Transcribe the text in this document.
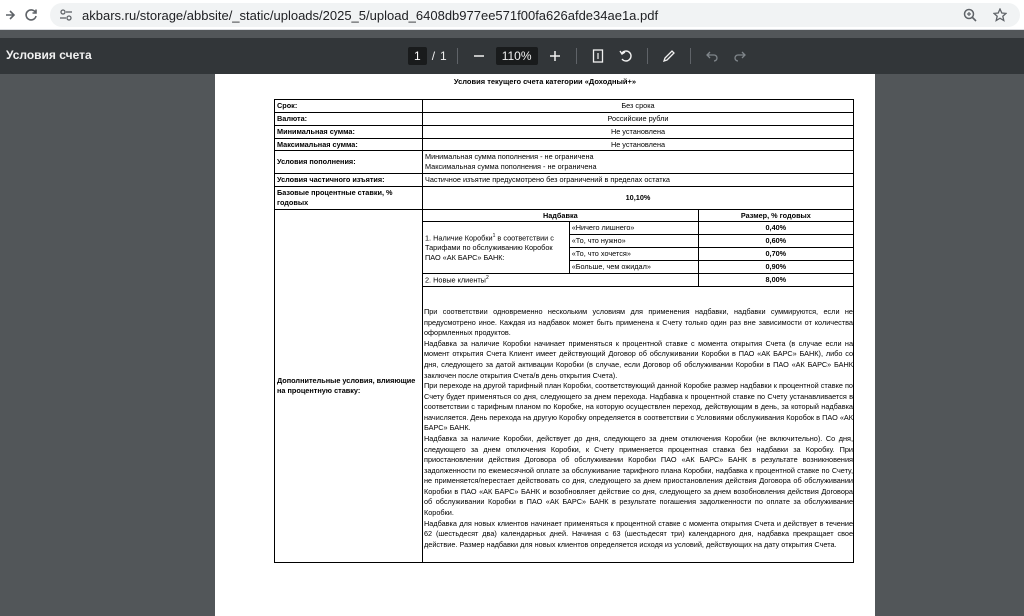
akbars.ru/storage/abbsite/_static/uploads/2025_5/upload_6408db977ee571f00fa626afde34ae1a.pdf
Условия счета	1 / 1	110%
Условия текущего счета категории «Доходный+»
Срок:	Без срока
Валюта:	Российские рубли
Минимальная сумма:	Не установлена
Максимальная сумма:	Не установлена
Условия пополнения:	
Минимальная сумма пополнения - не ограничена
Максимальная сумма пополнения - не ограничена

Условия частичного изъятия:	Частичное изъятие предусмотрено без ограничений в пределах остатка
Базовые процентные ставки, % годовых	10,10%
Дополнительные условия, влияющие на процентную ставку:	
Надбавка	Размер, % годовых
1. Наличие Коробки$^1$ в соответствии с Тарифами по обслуживанию Коробок ПАО «АК БАРС» БАНК:	«Ничего лишнего»	0,40%
«То, что нужно»	0,60%
«То, что хочется»	0,70%
«Больше, чем ожидал»	0,90%
2. Новые клиенты$^2$	8,00%

При соответствии одновременно нескольким условиям для применения надбавки, надбавки суммируются, если не предусмотрено иное. Каждая из надбавок может быть применена к Счету только один раз вне зависимости от количества оформленных продуктов.

Надбавка за наличие Коробки начинает применяться к процентной ставке с момента открытия Счета (в случае если на момент открытия Счета Клиент имеет действующий Договор об обслуживании Коробки в ПАО «АК БАРС» БАНК), либо со дня, следующего за датой активации Коробки (в случае, если Договор об обслуживании Коробки в ПАО «АК БАРС» БАНК заключен после открытия Счета/в день открытия Счета).

При переходе на другой тарифный план Коробки, соответствующий данной Коробке размер надбавки к процентной ставке по Счету будет применяться со дня, следующего за днем перехода. Надбавка к процентной ставке по Счету устанавливается в соответствии с тарифным планом по Коробке, на которую осуществлен переход, действующим в день, за который надбавка начисляется. День перехода на другую Коробку определяется в соответствии с Условиями обслуживания Коробок в ПАО «АК БАРС» БАНК.

Надбавка за наличие Коробки, действует до дня, следующего за днем отключения Коробки (не включительно). Со дня, следующего за днем отключения Коробки, к Счету применяется процентная ставка без надбавки за Коробку. При приостановлении действия Договора об обслуживании Коробки ПАО «АК БАРС» БАНК в результате возникновения задолженности по ежемесячной оплате за обслуживание тарифного плана Коробки, надбавка к процентной ставке по Счету, не применяется/перестает действовать со дня, следующего за днем приостановления действия Договора об обслуживании Коробки в ПАО «АК БАРС» БАНК и возобновляет действие со дня, следующего за днем возобновления действия Договора об обслуживании Коробки в ПАО «АК БАРС» БАНК в результате погашения задолженности по оплате за обслуживание Коробки.

Надбавка для новых клиентов начинает применяться к процентной ставке с момента открытия Счета и действует в течение 62 (шестьдесят два) календарных дней. Начиная с 63 (шестьдесят три) календарного дня, надбавка прекращает свое действие. Размер надбавки для новых клиентов определяется исходя из условий, действующих на дату открытия Счета.
